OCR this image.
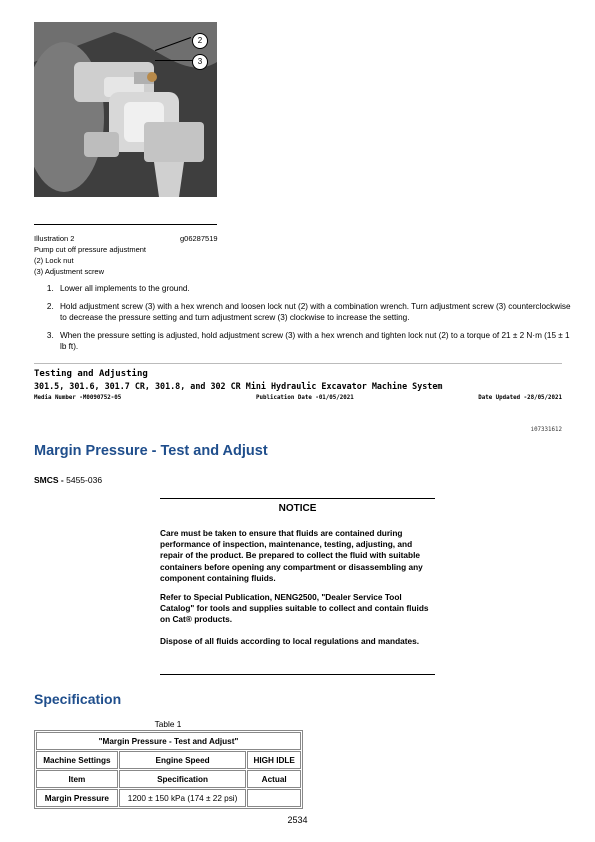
2
3
Illustration 2	g06287519
Pump cut off pressure adjustment
(2) Lock nut
(3) Adjustment screw
1. Lower all implements to the ground.
2. Hold adjustment screw (3) with a hex wrench and loosen lock nut (2) with a combination wrench. Turn adjustment screw (3) counterclockwise to decrease the pressure setting and turn adjustment screw (3) clockwise to increase the setting.
3. When the pressure setting is adjusted, hold adjustment screw (3) with a hex wrench and tighten lock nut (2) to a torque of 21 ± 2 N·m (15 ± 1 lb ft).
Testing and Adjusting
301.5, 301.6, 301.7 CR, 301.8, and 302 CR Mini Hydraulic Excavator Machine System
Media Number -M0090752-05	Publication Date -01/05/2021	Date Updated -28/05/2021
i07331612
Margin Pressure - Test and Adjust
SMCS - 5455-036
NOTICE
Care must be taken to ensure that fluids are contained during performance of inspection, maintenance, testing, adjusting, and repair of the product. Be prepared to collect the fluid with suitable containers before opening any compartment or disassembling any component containing fluids.
Refer to Special Publication, NENG2500, "Dealer Service Tool Catalog" for tools and supplies suitable to collect and contain fluids on Cat® products.
Dispose of all fluids according to local regulations and mandates.
Specification
Table 1
"Margin Pressure - Test and Adjust"		
Machine Settings	Engine Speed	HIGH IDLE
Item	Specification	Actual
Margin Pressure	1200 ± 150 kPa (174 ± 22 psi)	
2534
